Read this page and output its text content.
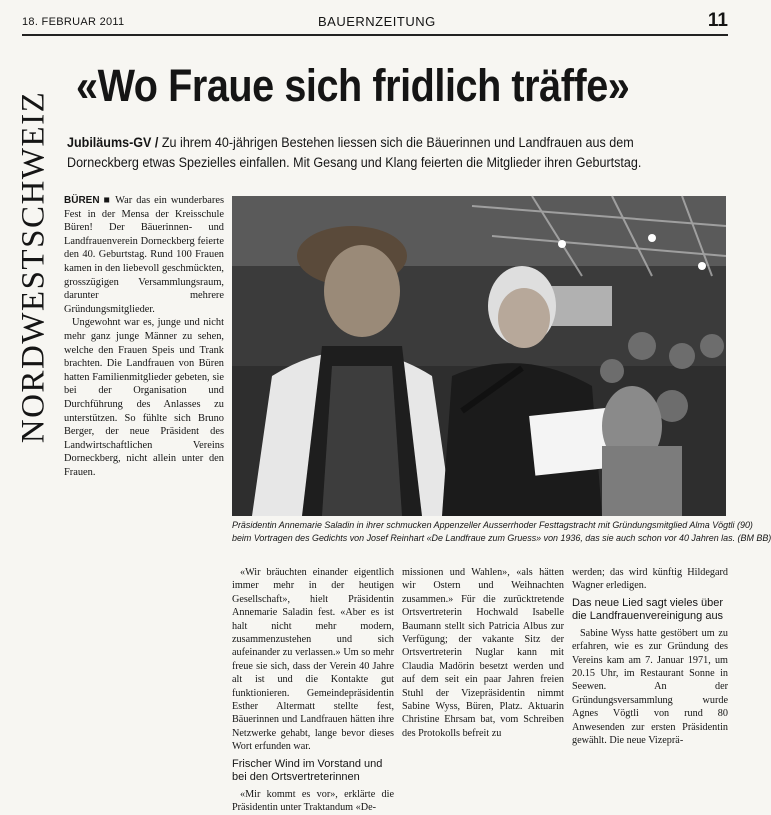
18. FEBRUAR 2011	BAUERNZEITUNG	11
NORDWESTSCHWEIZ
«Wo Fraue sich fridlich träffe»
Jubiläums-GV / Zu ihrem 40-jährigen Bestehen liessen sich die Bäuerinnen und Landfrauen aus dem Dorneckberg etwas Spezielles einfallen. Mit Gesang und Klang feierten die Mitglieder ihren Geburtstag.

BÜREN ■ War das ein wunderbares Fest in der Mensa der Kreisschule Büren! Der Bäuerinnen- und Landfrauenverein Dorneckberg feierte den 40. Geburtstag. Rund 100 Frauen kamen in den liebevoll geschmückten, grosszügigen Versammlungsraum, darunter mehrere Gründungsmitglieder.

Ungewohnt war es, junge und nicht mehr ganz junge Männer zu sehen, welche den Frauen Speis und Trank brachten. Die Landfrauen von Büren hatten Familienmitglieder gebeten, sie bei der Organisation und Durchführung des Anlasses zu unterstützen. So fühlte sich Bruno Berger, der neue Präsident des Landwirtschaftlichen Vereins Dorneckberg, nicht allein unter den Frauen.

Präsidentin Annemarie Saladin in ihrer schmucken Appenzeller Ausserrhoder Festtagstracht mit Gründungsmitglied Alma Vögtli (90)
beim Vortragen des Gedichts von Josef Reinhart «De Landfraue zum Gruess» von 1936, das sie auch schon vor 40 Jahren las. (BM BB)

«Wir bräuchten einander eigentlich immer mehr in der heutigen Gesellschaft», hielt Präsidentin Annemarie Saladin fest. «Aber es ist halt nicht mehr modern, zusammenzustehen und sich aufeinander zu verlassen.» Um so mehr freue sie sich, dass der Verein 40 Jahre alt ist und die Kontakte gut funktionieren. Gemeindepräsidentin Esther Altermatt stellte fest, Bäuerinnen und Landfrauen hätten ihre Netzwerke gehabt, lange bevor dieses Wort erfunden war.

Frischer Wind im Vorstand und bei den Ortsvertreterinnen

«Mir kommt es vor», erklärte die Präsidentin unter Traktandum «De-

missionen und Wahlen», «als hätten wir Ostern und Weihnachten zusammen.» Für die zurücktretende Ortsvertreterin Hochwald Isabelle Baumann stellt sich Patricia Albus zur Verfügung; der vakante Sitz der Ortsvertreterin Nuglar kann mit Claudia Madörin besetzt werden und auf dem seit ein paar Jahren freien Stuhl der Vizepräsidentin nimmt Sabine Wyss, Büren, Platz. Aktuarin Christine Ehrsam bat, vom Schreiben des Protokolls befreit zu

werden; das wird künftig Hildegard Wagner erledigen.

Das neue Lied sagt vieles über die Landfrauenvereinigung aus

Sabine Wyss hatte gestöbert um zu erfahren, wie es zur Gründung des Vereins kam am 7. Januar 1971, um 20.15 Uhr, im Restaurant Sonne in Seewen. An der Gründungsversammlung wurde Agnes Vögtli von rund 80 Anwesenden zur ersten Präsidentin gewählt. Die neue Vizeprä-
